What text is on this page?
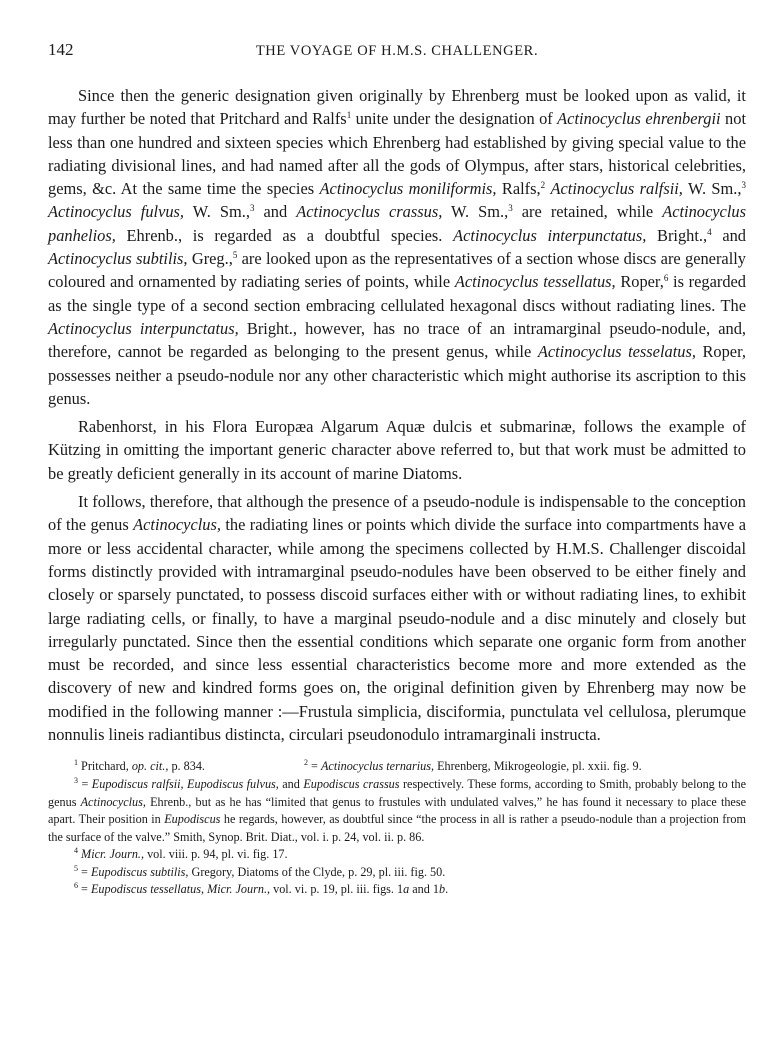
142	THE VOYAGE OF H.M.S. CHALLENGER.

Since then the generic designation given originally by Ehrenberg must be looked upon as valid, it may further be noted that Pritchard and Ralfs$^1$ unite under the designation of Actinocyclus ehrenbergii not less than one hundred and sixteen species which Ehrenberg had established by giving special value to the radiating divisional lines, and had named after all the gods of Olympus, after stars, historical celebrities, gems, &c. At the same time the species Actinocyclus moniliformis, Ralfs,$^2$ Actinocyclus ralfsii, W. Sm.,$^3$ Actinocyclus fulvus, W. Sm.,$^3$ and Actinocyclus crassus, W. Sm.,$^3$ are retained, while Actinocyclus panhelios, Ehrenb., is regarded as a doubtful species. Actinocyclus interpunctatus, Bright.,$^4$ and Actinocyclus subtilis, Greg.,$^5$ are looked upon as the representatives of a section whose discs are generally coloured and ornamented by radiating series of points, while Actinocyclus tessellatus, Roper,$^6$ is regarded as the single type of a second section embracing cellulated hexagonal discs without radiating lines. The Actinocyclus interpunctatus, Bright., however, has no trace of an intramarginal pseudo-nodule, and, therefore, cannot be regarded as belonging to the present genus, while Actinocyclus tesselatus, Roper, possesses neither a pseudo-nodule nor any other characteristic which might authorise its ascription to this genus.

Rabenhorst, in his Flora Europæa Algarum Aquæ dulcis et submarinæ, follows the example of Kützing in omitting the important generic character above referred to, but that work must be admitted to be greatly deficient generally in its account of marine Diatoms.

It follows, therefore, that although the presence of a pseudo-nodule is indispensable to the conception of the genus Actinocyclus, the radiating lines or points which divide the surface into compartments have a more or less accidental character, while among the specimens collected by H.M.S. Challenger discoidal forms distinctly provided with intramarginal pseudo-nodules have been observed to be either finely and closely or sparsely punctated, to possess discoid surfaces either with or without radiating lines, to exhibit large radiating cells, or finally, to have a marginal pseudo-nodule and a disc minutely and closely but irregularly punctated. Since then the essential conditions which separate one organic form from another must be recorded, and since less essential characteristics become more and more extended as the discovery of new and kindred forms goes on, the original definition given by Ehrenberg may now be modified in the following manner :—Frustula simplicia, disciformia, punctulata vel cellulosa, plerumque nonnulis lineis radiantibus distincta, circulari pseudonodulo intramarginali instructa.

$^1$ Pritchard, op. cit., p. 834.	$^2$ = Actinocyclus ternarius, Ehrenberg, Mikrogeologie, pl. xxii. fig. 9.

$^3$ = Eupodiscus ralfsii, Eupodiscus fulvus, and Eupodiscus crassus respectively. These forms, according to Smith, probably belong to the genus Actinocyclus, Ehrenb., but as he has “limited that genus to frustules with undulated valves,” he has found it necessary to place these apart. Their position in Eupodiscus he regards, however, as doubtful since “the process in all is rather a pseudo-nodule than a projection from the surface of the valve.” Smith, Synop. Brit. Diat., vol. i. p. 24, vol. ii. p. 86.

$^4$ Micr. Journ., vol. viii. p. 94, pl. vi. fig. 17.

$^5$ = Eupodiscus subtilis, Gregory, Diatoms of the Clyde, p. 29, pl. iii. fig. 50.

$^6$ = Eupodiscus tessellatus, Micr. Journ., vol. vi. p. 19, pl. iii. figs. 1a and 1b.
